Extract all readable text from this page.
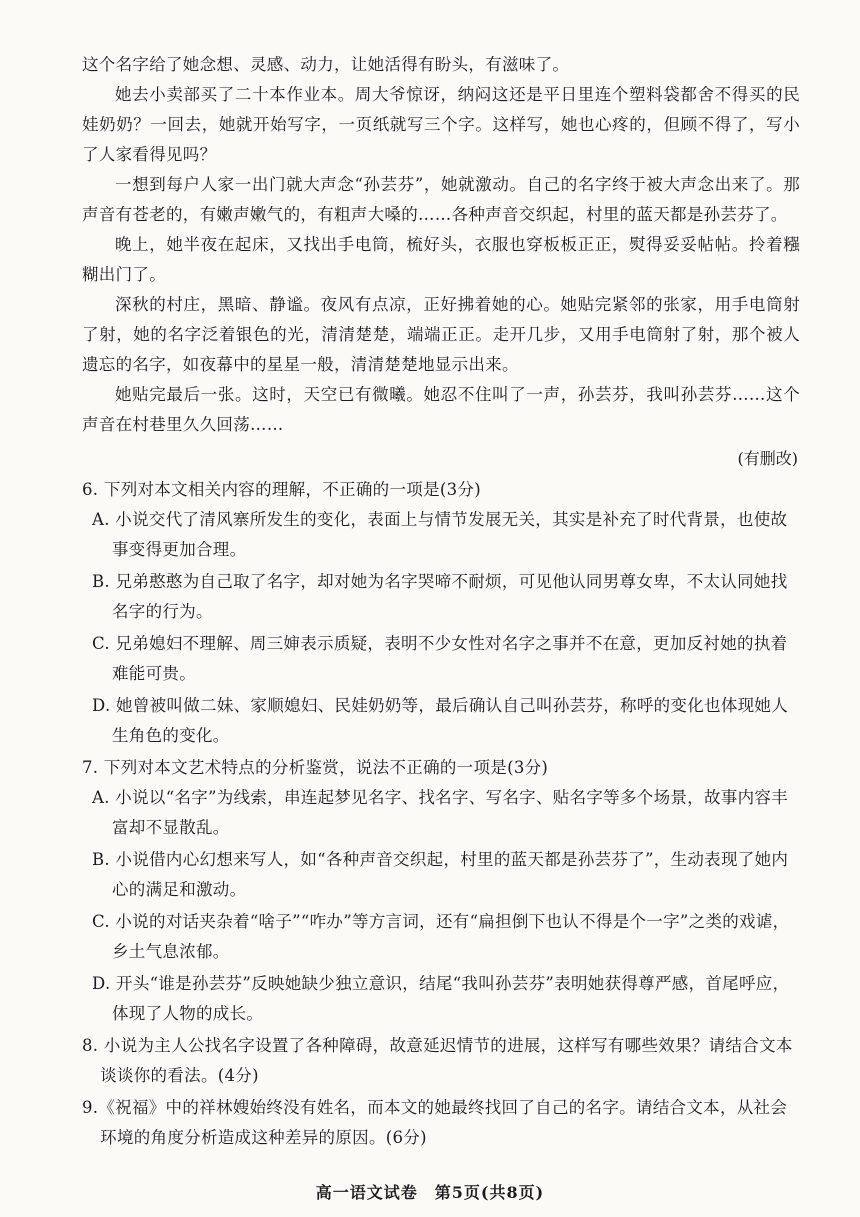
这个名字给了她念想、灵感、动力，让她活得有盼头，有滋味了。

她去小卖部买了二十本作业本。周大爷惊讶，纳闷这还是平日里连个塑料袋都舍不得买的民娃奶奶？一回去，她就开始写字，一页纸就写三个字。这样写，她也心疼的，但顾不得了，写小了人家看得见吗？

一想到每户人家一出门就大声念“孙芸芬”，她就激动。自己的名字终于被大声念出来了。那声音有苍老的，有嫩声嫩气的，有粗声大嗓的……各种声音交织起，村里的蓝天都是孙芸芬了。

晚上，她半夜在起床，又找出手电筒，梳好头，衣服也穿板板正正，熨得妥妥帖帖。拎着糨糊出门了。

深秋的村庄，黑暗、静谧。夜风有点凉，正好拂着她的心。她贴完紧邻的张家，用手电筒射了射，她的名字泛着银色的光，清清楚楚，端端正正。走开几步，又用手电筒射了射，那个被人遗忘的名字，如夜幕中的星星一般，清清楚楚地显示出来。

她贴完最后一张。这时，天空已有微曦。她忍不住叫了一声，孙芸芬，我叫孙芸芬……这个声音在村巷里久久回荡……

(有删改)

6. 下列对本文相关内容的理解，不正确的一项是(3分)

A. 小说交代了清风寨所发生的变化，表面上与情节发展无关，其实是补充了时代背景，也使故事变得更加合理。
B. 兄弟憨憨为自己取了名字，却对她为名字哭啼不耐烦，可见他认同男尊女卑，不太认同她找名字的行为。
C. 兄弟媳妇不理解、周三婶表示质疑，表明不少女性对名字之事并不在意，更加反衬她的执着难能可贵。
D. 她曾被叫做二妹、家顺媳妇、民娃奶奶等，最后确认自己叫孙芸芬，称呼的变化也体现她人生角色的变化。

7. 下列对本文艺术特点的分析鉴赏，说法不正确的一项是(3分)

A. 小说以“名字”为线索，串连起梦见名字、找名字、写名字、贴名字等多个场景，故事内容丰富却不显散乱。
B. 小说借内心幻想来写人，如“各种声音交织起，村里的蓝天都是孙芸芬了”，生动表现了她内心的满足和激动。
C. 小说的对话夹杂着“啥子”“咋办”等方言词，还有“扁担倒下也认不得是个一字”之类的戏谑，乡土气息浓郁。
D. 开头“谁是孙芸芬”反映她缺少独立意识，结尾“我叫孙芸芬”表明她获得尊严感，首尾呼应，体现了人物的成长。

8. 小说为主人公找名字设置了各种障碍，故意延迟情节的进展，这样写有哪些效果？请结合文本谈谈你的看法。(4分)

9.《祝福》中的祥林嫂始终没有姓名，而本文的她最终找回了自己的名字。请结合文本，从社会环境的角度分析造成这种差异的原因。(6分)

高一语文试卷　第5页(共8页)
